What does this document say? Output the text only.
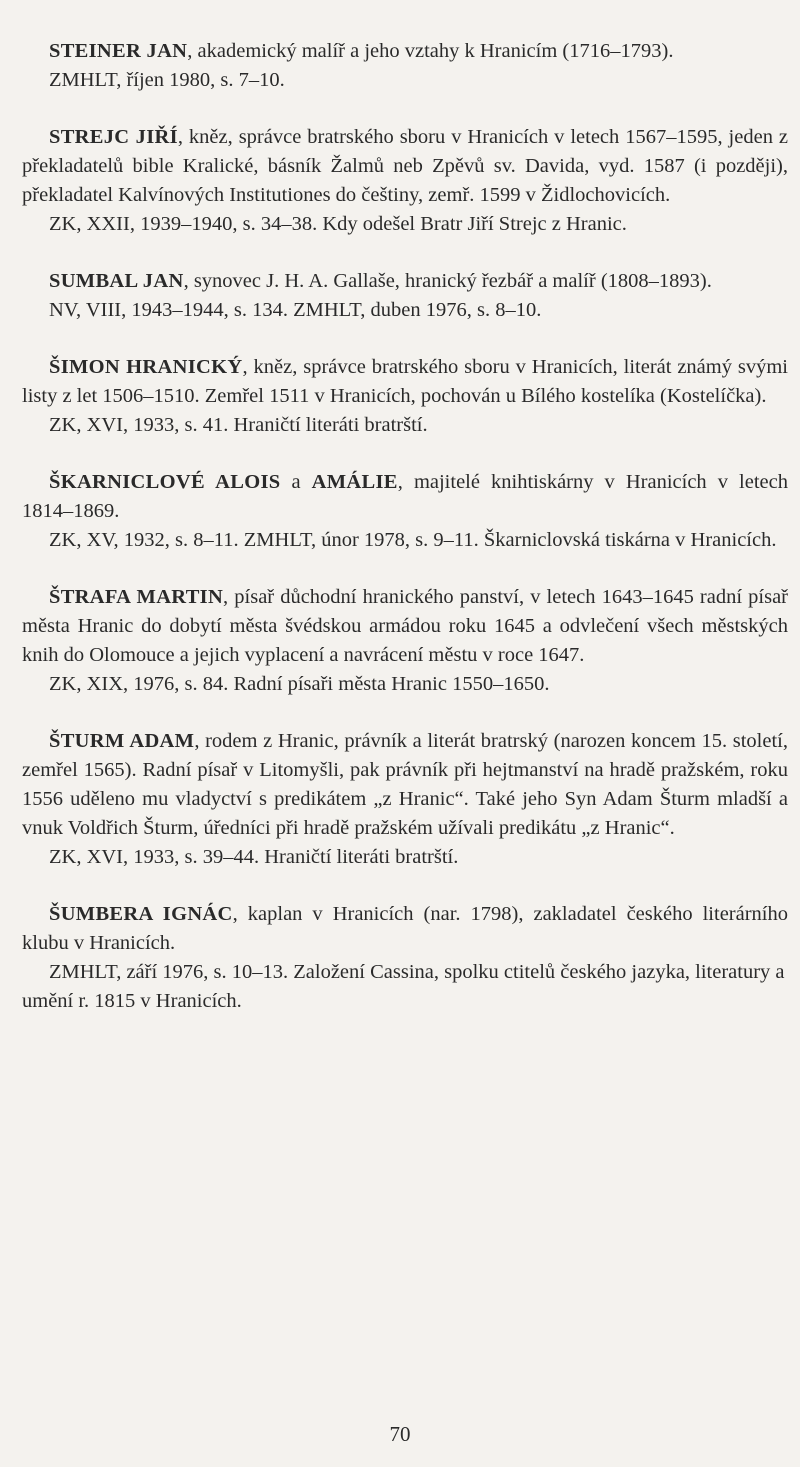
STEINER JAN, akademický malíř a jeho vztahy k Hranicím (1716–1793).

ZMHLT, říjen 1980, s. 7–10.

STREJC JIŘÍ, kněz, správce bratrského sboru v Hranicích v letech 1567–1595, jeden z překladatelů bible Kralické, básník Žalmů neb Zpěvů sv. Davida, vyd. 1587 (i později), překladatel Kalvínových Institutiones do češtiny, zemř. 1599 v Židlochovicích.

ZK, XXII, 1939–1940, s. 34–38. Kdy odešel Bratr Jiří Strejc z Hranic.

SUMBAL JAN, synovec J. H. A. Gallaše, hranický řezbář a malíř (1808–1893).

NV, VIII, 1943–1944, s. 134. ZMHLT, duben 1976, s. 8–10.

ŠIMON HRANICKÝ, kněz, správce bratrského sboru v Hranicích, literát známý svými listy z let 1506–1510. Zemřel 1511 v Hranicích, pochován u Bílého kostelíka (Kostelíčka).

ZK, XVI, 1933, s. 41. Hraničtí literáti bratrští.

ŠKARNICLOVÉ ALOIS a AMÁLIE, majitelé knihtiskárny v Hranicích v letech 1814–1869.

ZK, XV, 1932, s. 8–11. ZMHLT, únor 1978, s. 9–11. Škarniclovská tiskárna v Hranicích.

ŠTRAFA MARTIN, písař důchodní hranického panství, v letech 1643–1645 radní písař města Hranic do dobytí města švédskou armádou roku 1645 a odvlečení všech městských knih do Olomouce a jejich vyplacení a navrácení městu v roce 1647.

ZK, XIX, 1976, s. 84. Radní písaři města Hranic 1550–1650.

ŠTURM ADAM, rodem z Hranic, právník a literát bratrský (narozen koncem 15. století, zemřel 1565). Radní písař v Litomyšli, pak právník při hejtmanství na hradě pražském, roku 1556 uděleno mu vladyctví s predikátem „z Hranic“. Také jeho Syn Adam Šturm mladší a vnuk Voldřich Šturm, úředníci při hradě pražském užívali predikátu „z Hranic“.

ZK, XVI, 1933, s. 39–44. Hraničtí literáti bratrští.

ŠUMBERA IGNÁC, kaplan v Hranicích (nar. 1798), zakladatel českého literárního klubu v Hranicích.

ZMHLT, září 1976, s. 10–13. Založení Cassina, spolku ctitelů českého jazyka, literatury a umění r. 1815 v Hranicích.

70
